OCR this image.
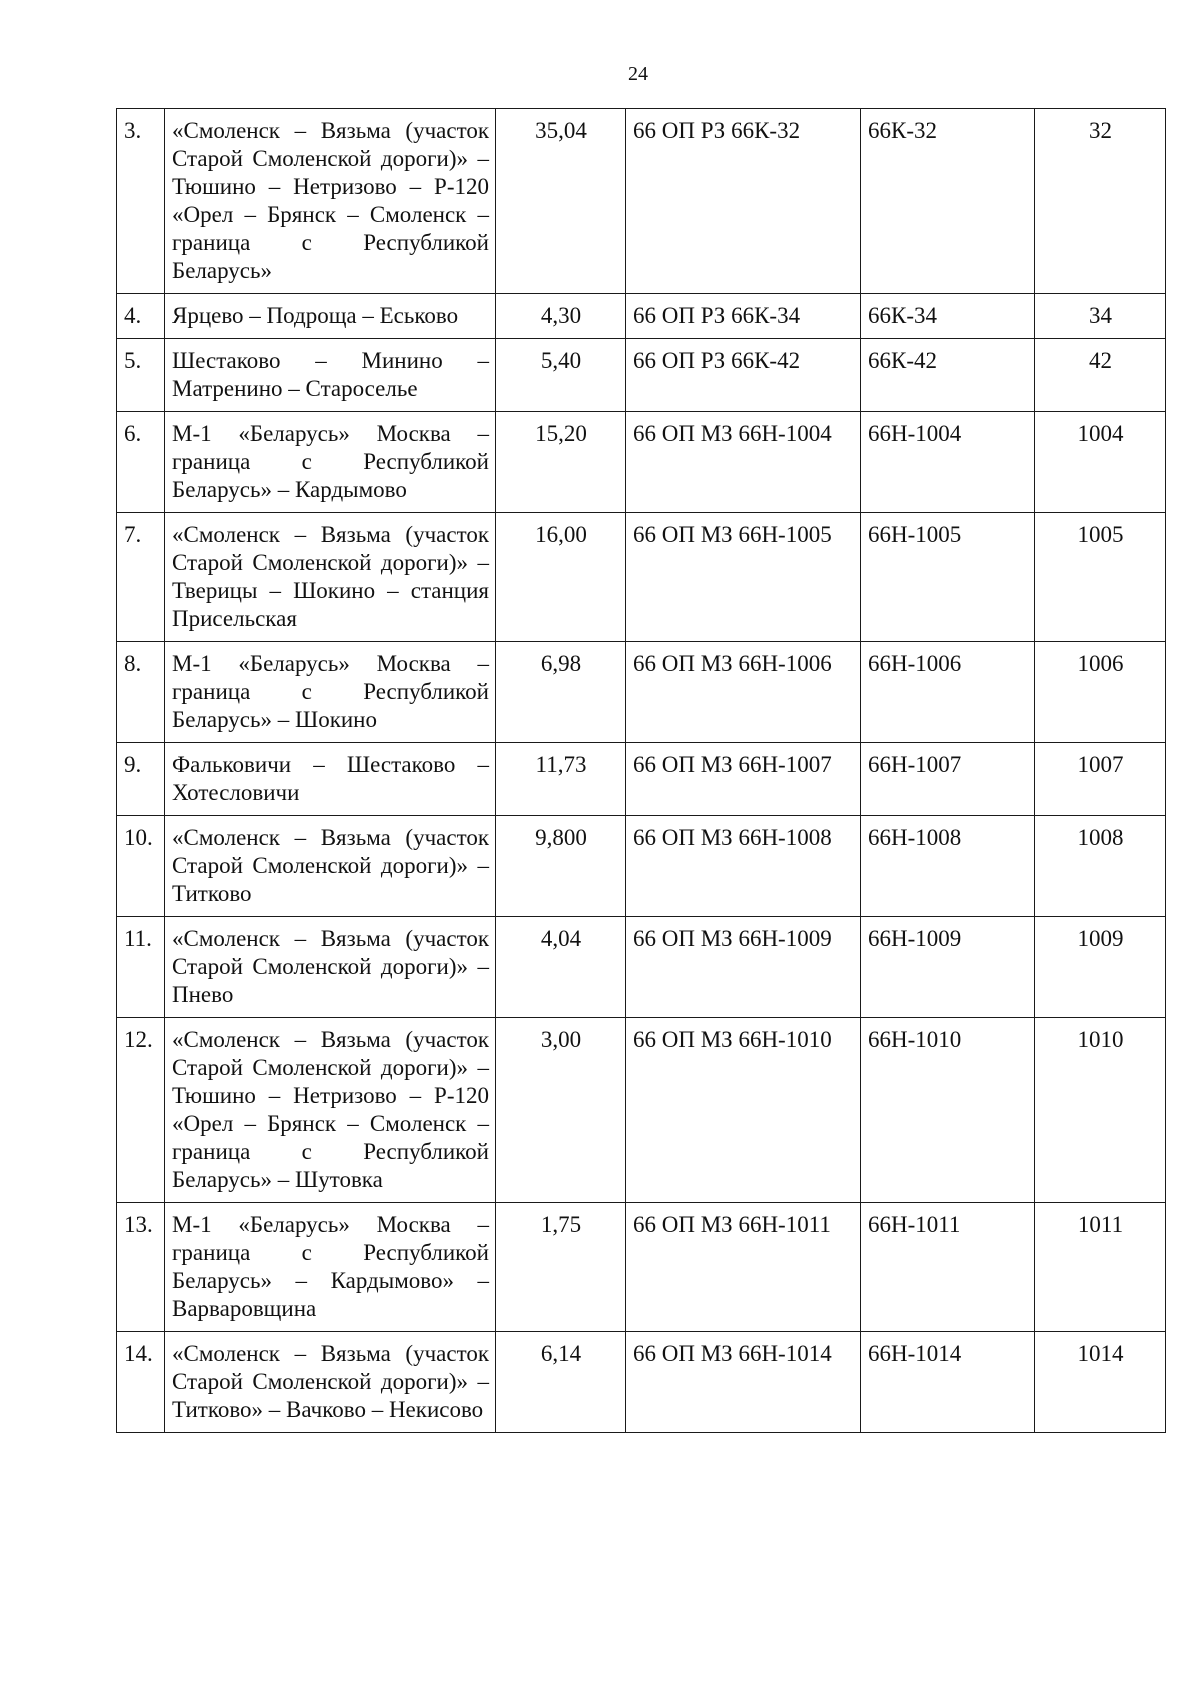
24
3.	«Смоленск – Вязьма (участок Старой Смоленской дороги)» – Тюшино – Нетризово – Р-120 «Орел – Брянск – Смоленск – граница с Республикой Беларусь»	35,04	66 ОП РЗ 66К-32	66К-32	32
4.	Ярцево – Подроща – Еськово	4,30	66 ОП РЗ 66К-34	66К-34	34
5.	Шестаково – Минино – Матренино – Староселье	5,40	66 ОП РЗ 66К-42	66К-42	42
6.	М-1 «Беларусь» Москва – граница с Республикой Беларусь» – Кардымово	15,20	66 ОП МЗ 66Н-1004	66Н-1004	1004
7.	«Смоленск – Вязьма (участок Старой Смоленской дороги)» – Тверицы – Шокино – станция Присельская	16,00	66 ОП МЗ 66Н-1005	66Н-1005	1005
8.	М-1 «Беларусь» Москва – граница с Республикой Беларусь» – Шокино	6,98	66 ОП МЗ 66Н-1006	66Н-1006	1006
9.	Фальковичи – Шестаково – Хотесловичи	11,73	66 ОП МЗ 66Н-1007	66Н-1007	1007
10.	«Смоленск – Вязьма (участок Старой Смоленской дороги)» – Титково	9,800	66 ОП МЗ 66Н-1008	66Н-1008	1008
11.	«Смоленск – Вязьма (участок Старой Смоленской дороги)» – Пнево	4,04	66 ОП МЗ 66Н-1009	66Н-1009	1009
12.	«Смоленск – Вязьма (участок Старой Смоленской дороги)» – Тюшино – Нетризово – Р-120 «Орел – Брянск – Смоленск – граница с Республикой Беларусь» – Шутовка	3,00	66 ОП МЗ 66Н-1010	66Н-1010	1010
13.	М-1 «Беларусь» Москва – граница с Республикой Беларусь» – Кардымово» – Варваровщина	1,75	66 ОП МЗ 66Н-1011	66Н-1011	1011
14.	«Смоленск – Вязьма (участок Старой Смоленской дороги)» – Титково» – Вачково – Некисово	6,14	66 ОП МЗ 66Н-1014	66Н-1014	1014
